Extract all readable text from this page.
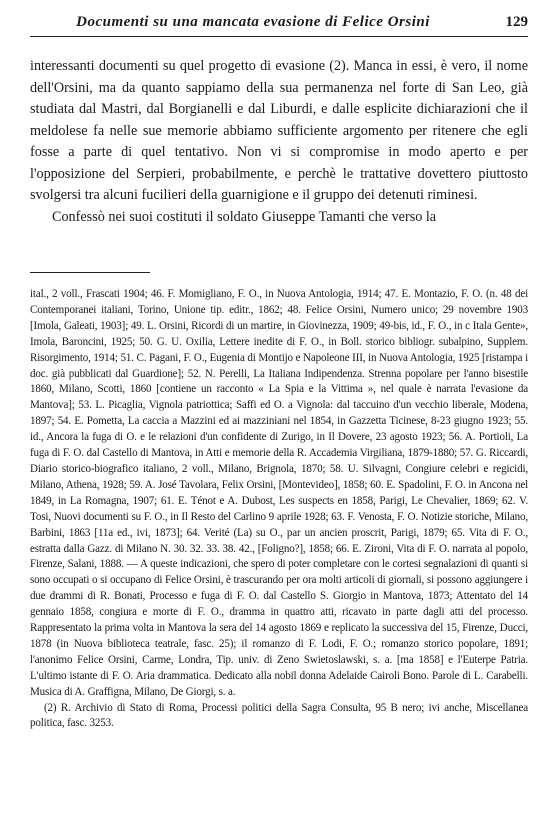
Documenti su una mancata evasione di Felice Orsini	129

interessanti documenti su quel progetto di evasione (2). Manca in essi, è vero, il nome dell'Orsini, ma da quanto sappiamo della sua permanenza nel forte di San Leo, già studiata dal Mastri, dal Borgianelli e dal Liburdi, e dalle esplicite dichiarazioni che il meldolese fa nelle sue memorie abbiamo sufficiente argomento per ritenere che egli fosse a parte di quel tentativo. Non vi si compromise in modo aperto e per l'opposizione del Serpieri, probabilmente, e perchè le trattative dovettero piuttosto svolgersi tra alcuni fucilieri della guarnigione e il gruppo dei detenuti riminesi.

Confessò nei suoi costituti il soldato Giuseppe Tamanti che verso la

ital., 2 voll., Frascati 1904; 46. F. Momigliano, F. O., in Nuova Antologia, 1914; 47. E. Montazio, F. O. (n. 48 dei Contemporanei italiani, Torino, Unione tip. editr., 1862; 48. Felice Orsini, Numero unico; 29 novembre 1903 [Imola, Galeati, 1903]; 49. L. Orsini, Ricordi di un martire, in Giovinezza, 1909; 49-bis, id., F. O., in c Itala Gente», Imola, Baroncini, 1925; 50. G. U. Oxilia, Lettere inedite di F. O., in Boll. storico bibliogr. subalpino, Supplem. Risorgimento, 1914; 51. C. Pagani, F. O., Eugenia di Montijo e Napoleone III, in Nuova Antologia, 1925 [ristampa i doc. già pubblicati dal Guardione]; 52. N. Perelli, La Italiana Indipendenza. Strenna popolare per l'anno bisestile 1860, Milano, Scotti, 1860 [contiene un racconto « La Spia e la Vittima », nel quale è narrata l'evasione da Mantova]; 53. L. Picaglia, Vignola patriottica; Saffi ed O. a Vignola: dal taccuino d'un vecchio liberale, Modena, 1897; 54. E. Pometta, La caccia a Mazzini ed ai mazziniani nel 1854, in Gazzetta Ticinese, 8-23 giugno 1923; 55. id., Ancora la fuga di O. e le relazioni d'un confidente di Zurigo, in Il Dovere, 23 agosto 1923; 56. A. Portioli, La fuga di F. O. dal Castello di Mantova, in Atti e memorie della R. Accademia Virgiliana, 1879-1880; 57. G. Riccardi, Diario storico-biografico italiano, 2 voll., Milano, Brignola, 1870; 58. U. Silvagni, Congiure celebri e regicidi, Milano, Athena, 1928; 59. A. José Tavolara, Felix Orsini, [Montevideo], 1858; 60. E. Spadolini, F. O. in Ancona nel 1849, in La Romagna, 1907; 61. E. Ténot e A. Dubost, Les suspects en 1858, Parigi, Le Chevalier, 1869; 62. V. Tosi, Nuovi documenti su F. O., in Il Resto del Carlino 9 aprile 1928; 63. F. Venosta, F. O. Notizie storiche, Milano, Barbini, 1863 [11a ed., ivi, 1873]; 64. Verité (La) su O., par un ancien proscrit, Parigi, 1879; 65. Vita di F. O., estratta dalla Gazz. di Milano N. 30. 32. 33. 38. 42., [Foligno?], 1858; 66. E. Zironi, Vita di F. O. narrata al popolo, Firenze, Salani, 1888. — A queste indicazioni, che spero di poter completare con le cortesi segnalazioni di quanti si sono occupati o si occupano di Felice Orsini, è trascurando per ora molti articoli di giornali, si possono aggiungere i due drammi di R. Bonati, Processo e fuga di F. O. dal Castello S. Giorgio in Mantova, 1873; Attentato del 14 gennaio 1858, congiura e morte di F. O., dramma in quattro atti, ricavato in parte dagli atti del processo. Rappresentato la prima volta in Mantova la sera del 14 agosto 1869 e replicato la successiva del 15, Firenze, Ducci, 1878 (in Nuova biblioteca teatrale, fasc. 25); il romanzo di F. Lodi, F. O.; romanzo storico popolare, 1891; l'anonimo Felice Orsini, Carme, Londra, Tip. univ. di Zeno Swietoslawski, s. a. [ma 1858] e l'Euterpe Patria. L'ultimo istante di F. O. Aria drammatica. Dedicato alla nobil donna Adelaide Cairoli Bono. Parole di L. Carabelli. Musica di A. Graffigna, Milano, De Giorgi, s. a.

(2) R. Archivio di Stato di Roma, Processi politici della Sagra Consulta, 95 B nero; ivi anche, Miscellanea politica, fasc. 3253.
